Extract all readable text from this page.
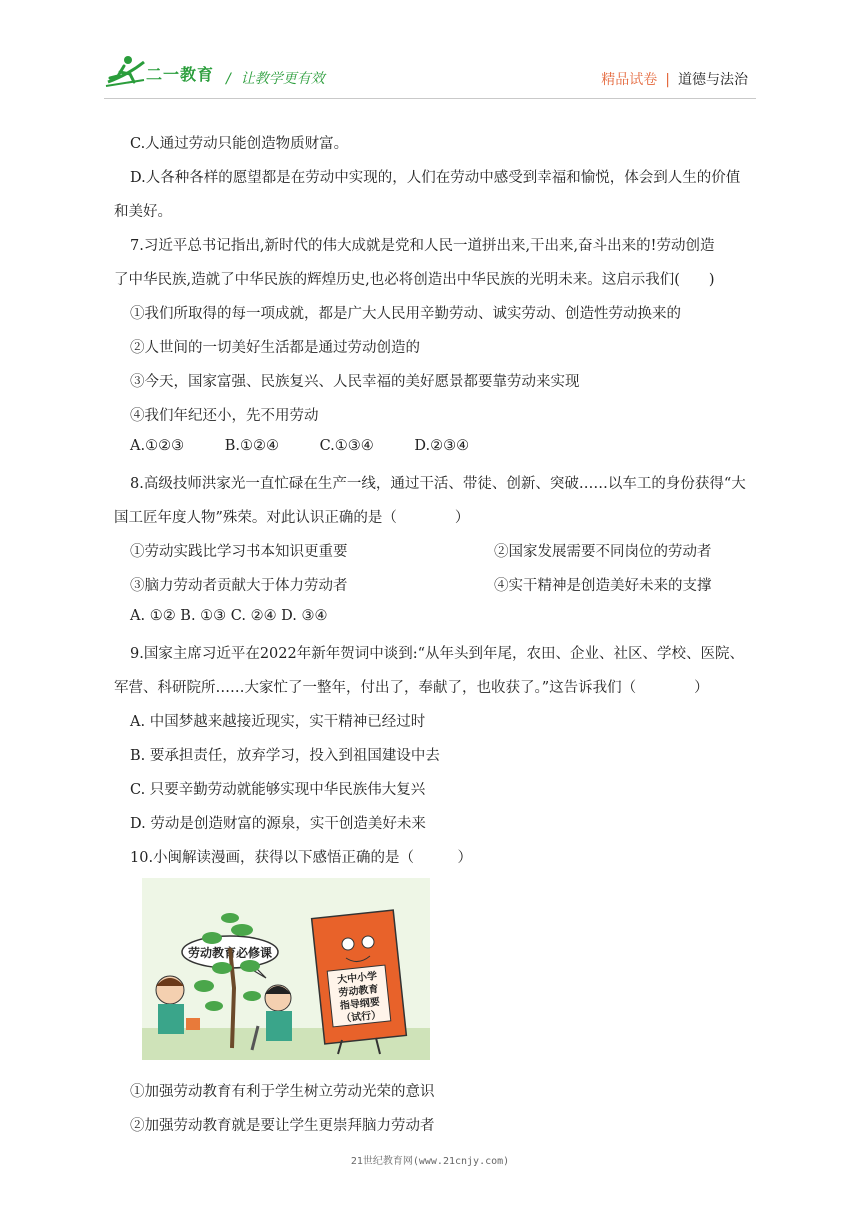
二一教育 / 让教学更有效	精品试卷 | 道德与法治
C.人通过劳动只能创造物质财富。
D.人各种各样的愿望都是在劳动中实现的，人们在劳动中感受到幸福和愉悦，体会到人生的价值
和美好。
7.习近平总书记指出,新时代的伟大成就是党和人民一道拼出来,干出来,奋斗出来的!劳动创造
了中华民族,造就了中华民族的辉煌历史,也必将创造出中华民族的光明未来。这启示我们(　　)
①我们所取得的每一项成就，都是广大人民用辛勤劳动、诚实劳动、创造性劳动换来的
②人世间的一切美好生活都是通过劳动创造的
③今天，国家富强、民族复兴、人民幸福的美好愿景都要靠劳动来实现
④我们年纪还小，先不用劳动
A.①②③	B.①②④	C.①③④	D.②③④
8.高级技师洪家光一直忙碌在生产一线，通过干活、带徒、创新、突破……以车工的身份获得“大
国工匠年度人物”殊荣。对此认识正确的是（　　　　）
①劳动实践比学习书本知识更重要	②国家发展需要不同岗位的劳动者
③脑力劳动者贡献大于体力劳动者	④实干精神是创造美好未来的支撑
A. ①② B. ①③ C. ②④ D. ③④
9.国家主席习近平在2022年新年贺词中谈到:“从年头到年尾，农田、企业、社区、学校、医院、
军营、科研院所……大家忙了一整年，付出了，奉献了，也收获了。”这告诉我们（　　　　）
A. 中国梦越来越接近现实，实干精神已经过时
B. 要承担责任，放弃学习，投入到祖国建设中去
C. 只要辛勤劳动就能够实现中华民族伟大复兴
D. 劳动是创造财富的源泉，实干创造美好未来
10.小闽解读漫画，获得以下感悟正确的是（　　　）
①加强劳动教育有利于学生树立劳动光荣的意识
②加强劳动教育就是要让学生更崇拜脑力劳动者
劳动教育必修课
大中小学
劳动教育
指导纲要
（试行）
21世纪教育网(www.21cnjy.com)
